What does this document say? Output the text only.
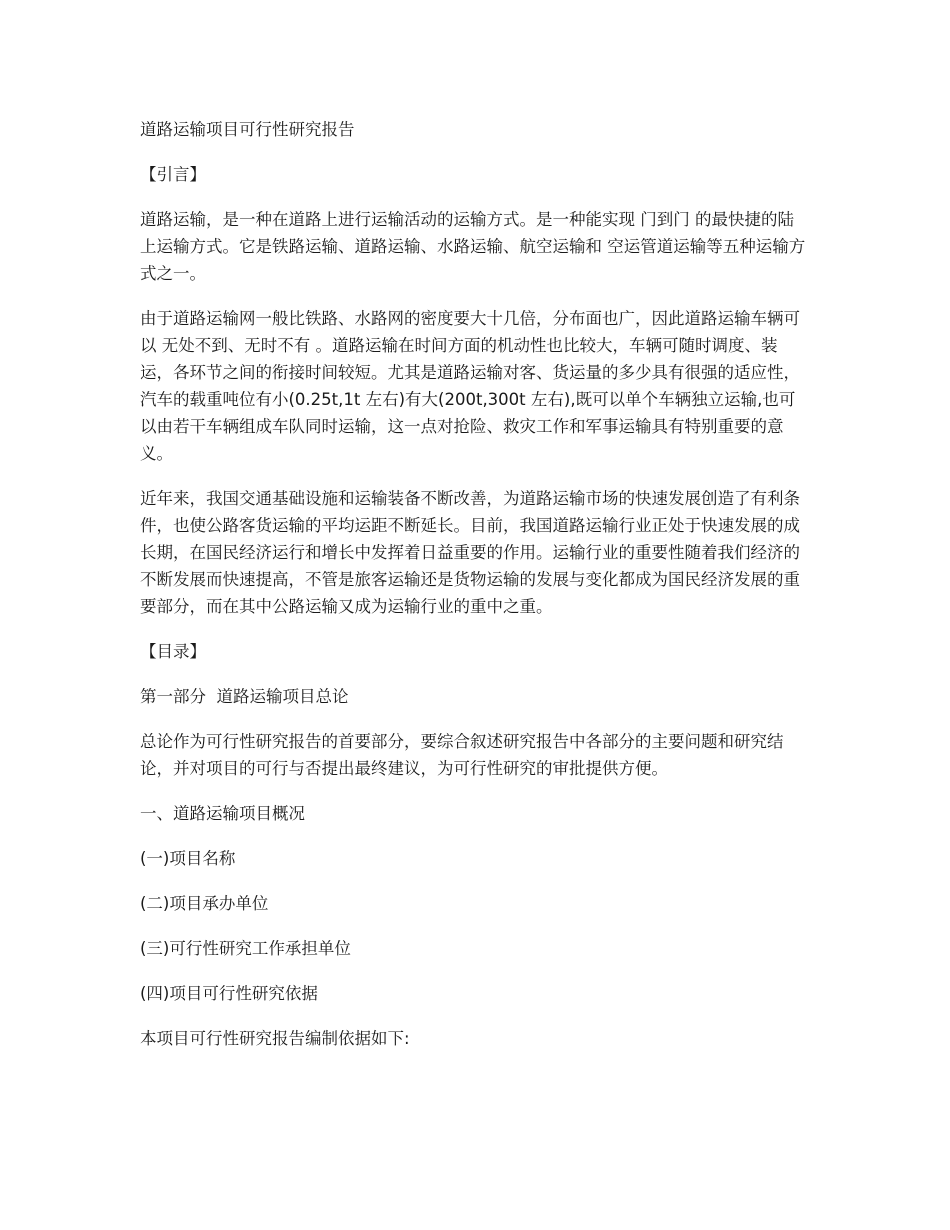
道路运输项目可行性研究报告

【引言】

道路运输，是一种在道路上进行运输活动的运输方式。是一种能实现 门到门 的最快捷的陆上运输方式。它是铁路运输、道路运输、水路运输、航空运输和 空运管道运输等五种运输方式之一。

由于道路运输网一般比铁路、水路网的密度要大十几倍，分布面也广，因此道路运输车辆可以 无处不到、无时不有 。道路运输在时间方面的机动性也比较大，车辆可随时调度、装运，各环节之间的衔接时间较短。尤其是道路运输对客、货运量的多少具有很强的适应性，汽车的载重吨位有小(0.25t,1t 左右)有大(200t,300t 左右),既可以单个车辆独立运输,也可以由若干车辆组成车队同时运输，这一点对抢险、救灾工作和军事运输具有特别重要的意义。

近年来，我国交通基础设施和运输装备不断改善，为道路运输市场的快速发展创造了有利条件，也使公路客货运输的平均运距不断延长。目前，我国道路运输行业正处于快速发展的成长期，在国民经济运行和增长中发挥着日益重要的作用。运输行业的重要性随着我们经济的不断发展而快速提高，不管是旅客运输还是货物运输的发展与变化都成为国民经济发展的重要部分，而在其中公路运输又成为运输行业的重中之重。

【目录】

第一部分  道路运输项目总论

总论作为可行性研究报告的首要部分，要综合叙述研究报告中各部分的主要问题和研究结论，并对项目的可行与否提出最终建议，为可行性研究的审批提供方便。

一、道路运输项目概况

(一)项目名称

(二)项目承办单位

(三)可行性研究工作承担单位

(四)项目可行性研究依据

本项目可行性研究报告编制依据如下:
